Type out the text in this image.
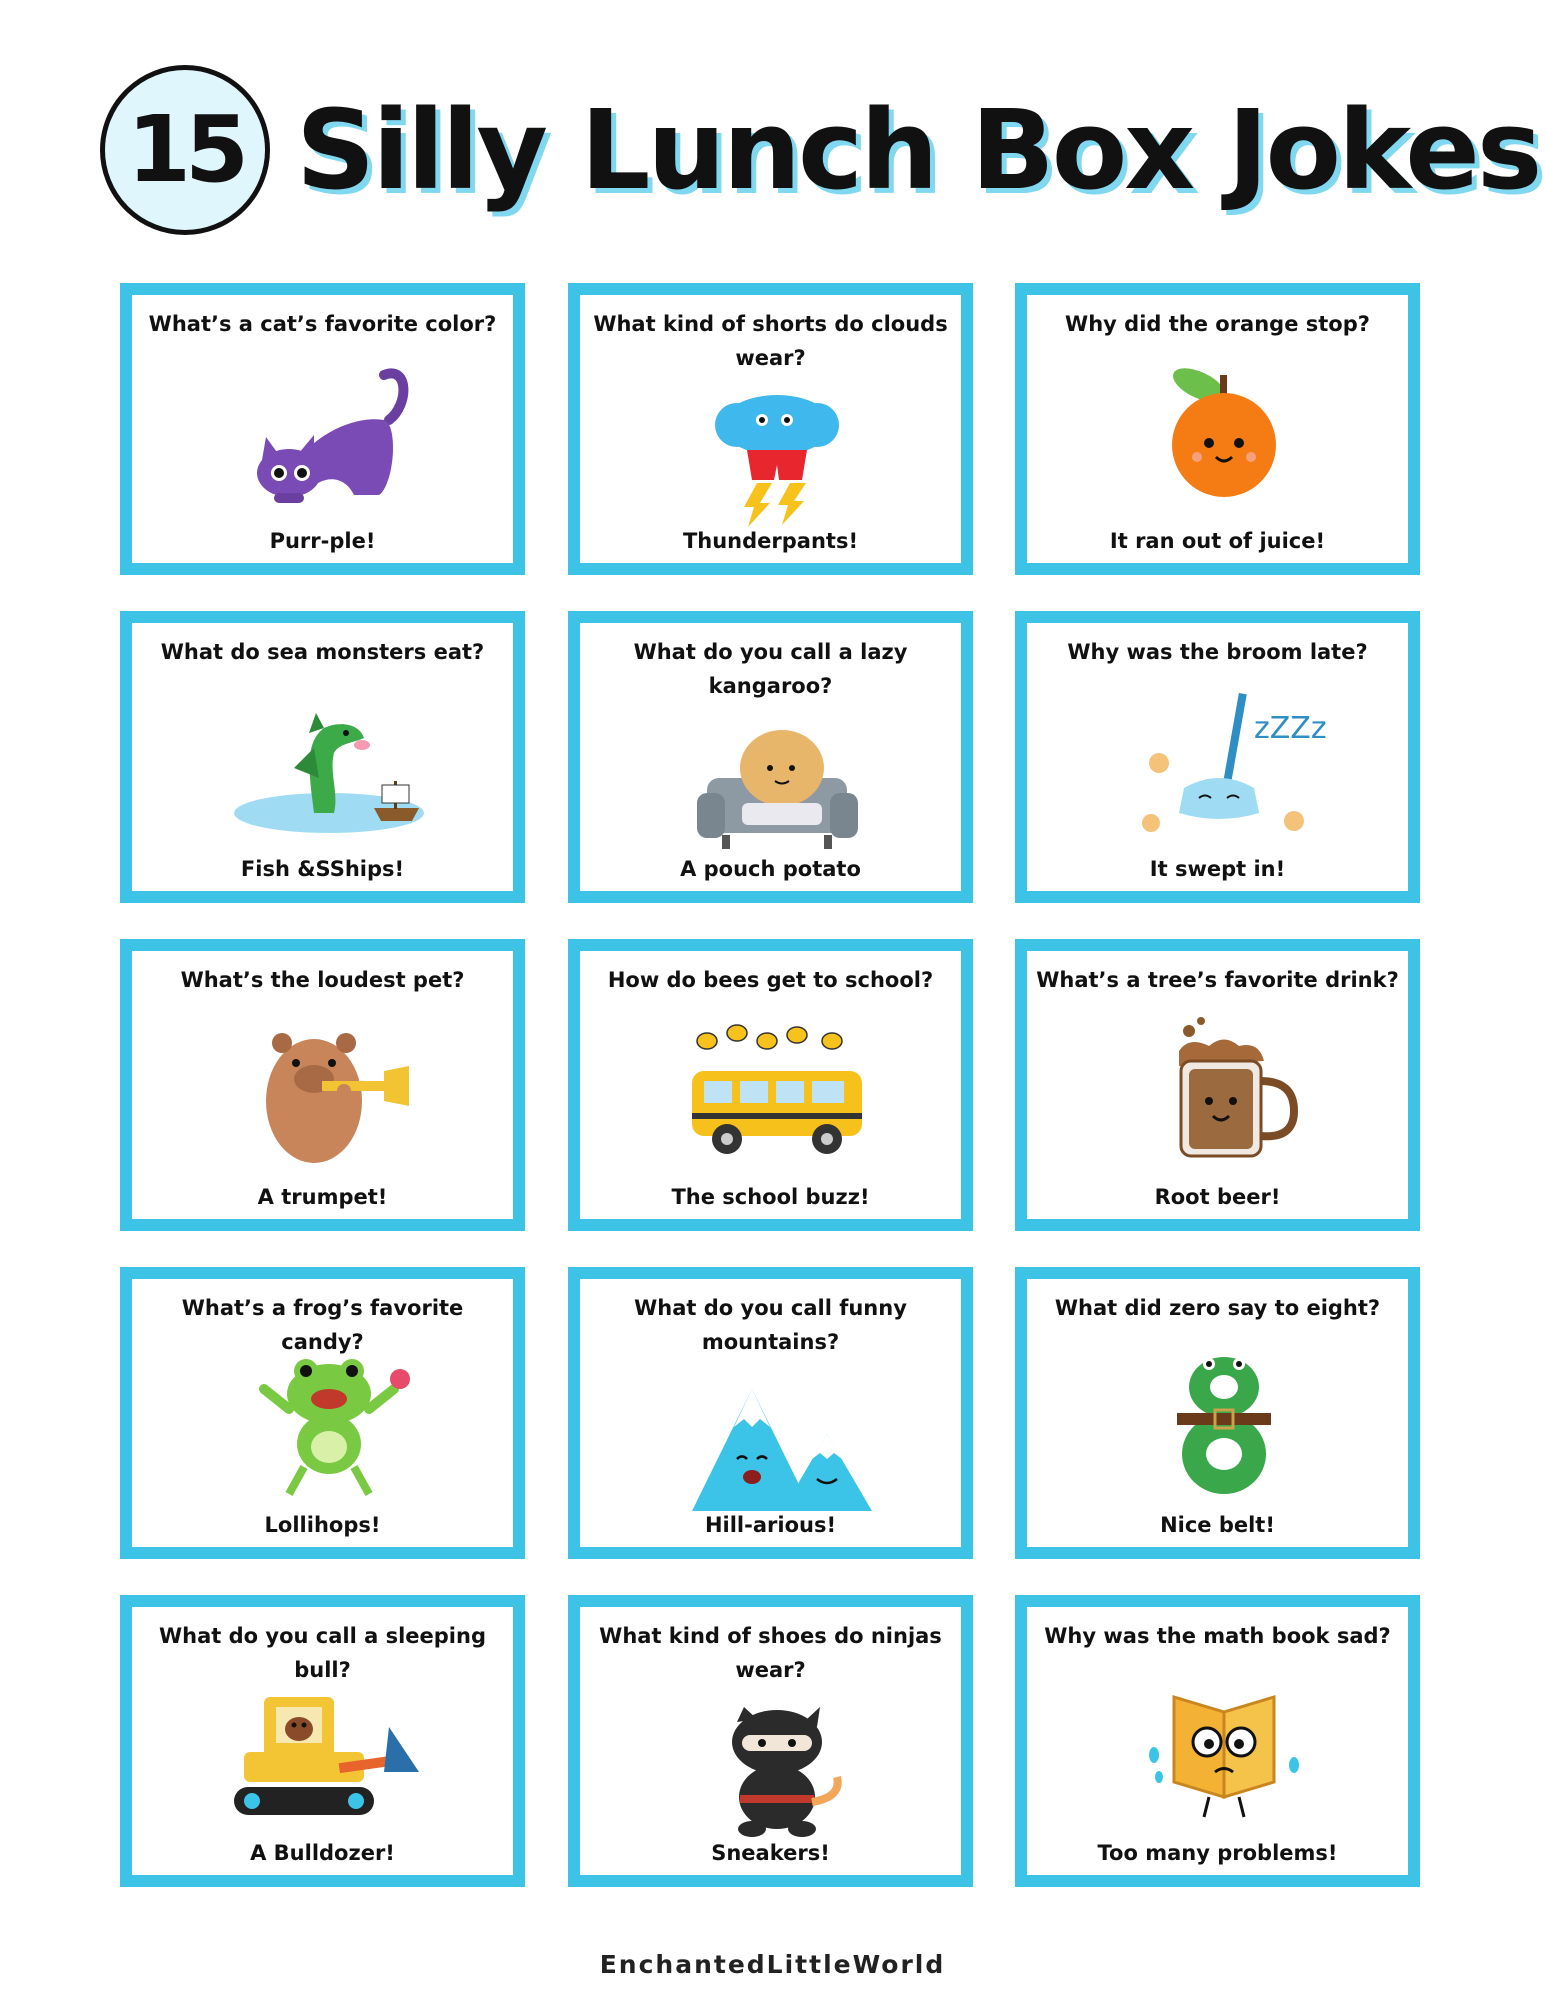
15 Silly Lunch Box Jokes
What’s a cat’s favorite color?
Purr-ple!
What kind of shorts do clouds wear?
Thunderpants!
Why did the orange stop?
It ran out of juice!
What do sea monsters eat?
Fish &SShips!
What do you call a lazy kangaroo?
A pouch potato
Why was the broom late?
zZZz
It swept in!
What’s the loudest pet?
A trumpet!
How do bees get to school?
The school buzz!
What’s a tree’s favorite drink?
Root beer!
What’s a frog’s favorite candy?
Lollihops!
What do you call funny mountains?
Hill-arious!
What did zero say to eight?
Nice belt!
What do you call a sleeping bull?
A Bulldozer!
What kind of shoes do ninjas wear?
Sneakers!
Why was the math book sad?
Too many problems!
EnchantedLittleWorld
